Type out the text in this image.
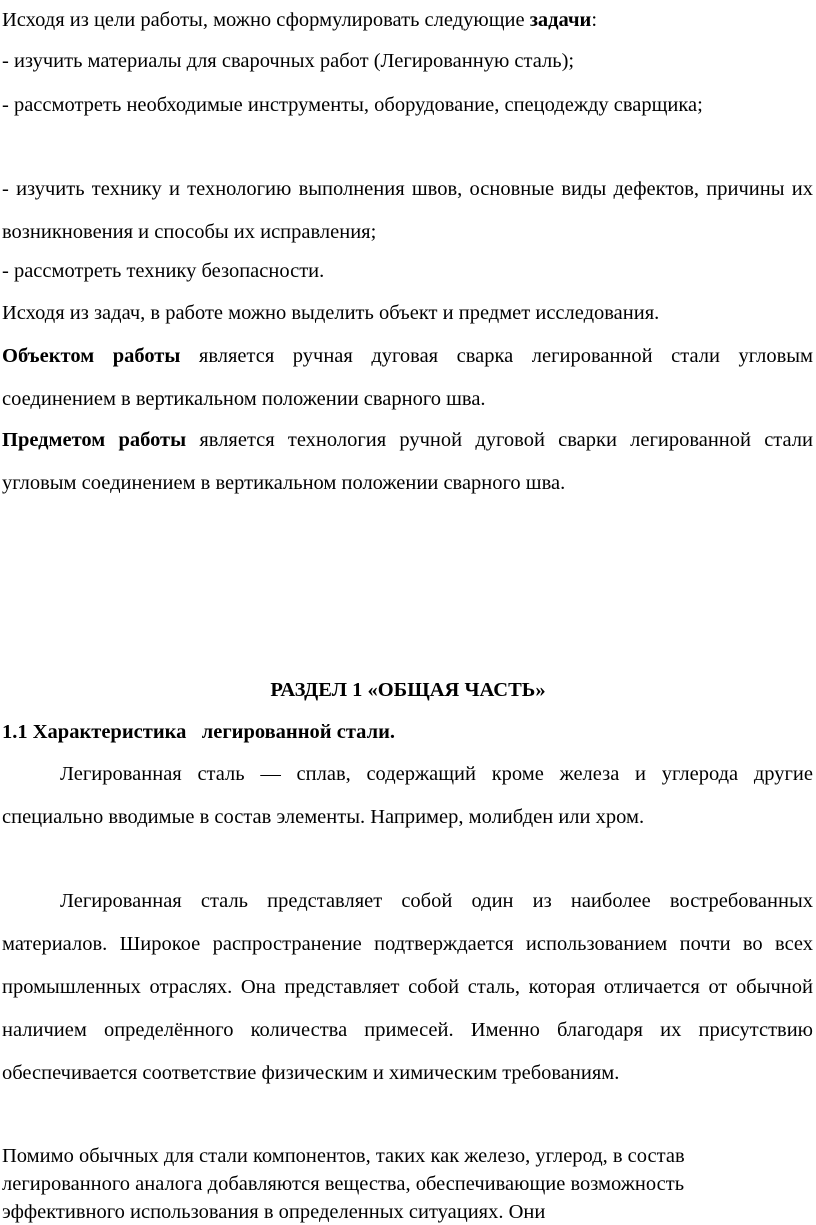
Исходя из цели работы, можно сформулировать следующие задачи:

- изучить материалы для сварочных работ (Легированную сталь);

- рассмотреть необходимые инструменты, оборудование, спецодежду сварщика;

- изучить технику и технологию выполнения швов, основные виды дефектов, причины их возникновения и способы их исправления;

- рассмотреть технику безопасности.

Исходя из задач, в работе можно выделить объект и предмет исследования.

Объектом работы является ручная дуговая сварка легированной стали угловым соединением в вертикальном положении сварного шва.

Предметом работы является технология ручной дуговой сварки легированной стали угловым соединением в вертикальном положении сварного шва.

РАЗДЕЛ 1 «ОБЩАЯ ЧАСТЬ»
1.1 Характеристика   легированной стали.

Легированная сталь — сплав, содержащий кроме железа и углерода другие специально вводимые в состав элементы. Например, молибден или хром.

Легированная сталь представляет собой один из наиболее востребованных материалов. Широкое распространение подтверждается использованием почти во всех промышленных отраслях. Она представляет собой сталь, которая отличается от обычной наличием определённого количества примесей. Именно благодаря их присутствию обеспечивается соответствие физическим и химическим требованиям.

Помимо обычных для стали компонентов, таких как железо, углерод, в состав легированного аналога добавляются вещества, обеспечивающие возможность эффективного использования в определенных ситуациях. Они
